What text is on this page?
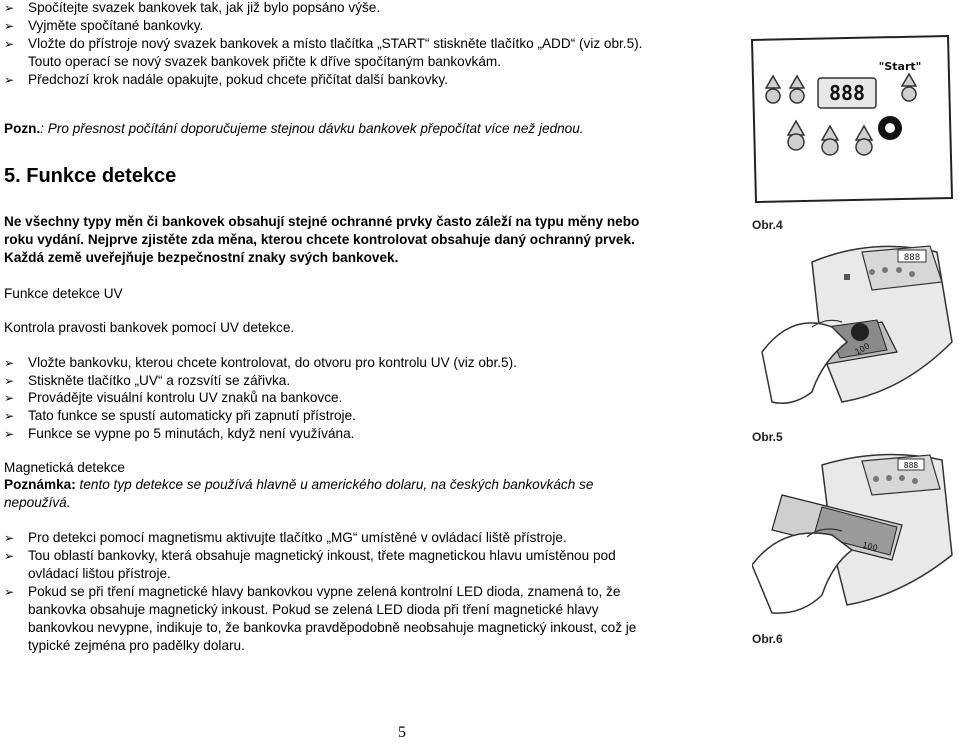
➢ Spočítejte svazek bankovek tak, jak již bylo popsáno výše.
➢ Vyjměte spočítané bankovky.
➢ Vložte do přístroje nový svazek bankovek a místo tlačítka „START“ stiskněte tlačítko „ADD“ (viz obr.5).
Touto operací se nový svazek bankovek přičte k dříve spočítaným bankovkám.
➢ Předchozí krok nadále opakujte, pokud chcete přičítat další bankovky.
Pozn.: Pro přesnost počítání doporučujeme stejnou dávku bankovek přepočítat více než jednou.
5. Funkce detekce
Ne všechny typy měn či bankovek obsahují stejné ochranné prvky často záleží na typu měny nebo
roku vydání. Nejprve zjistěte zda měna, kterou chcete kontrolovat obsahuje daný ochranný prvek.
Každá země uveřejňuje bezpečnostní znaky svých bankovek.
Funkce detekce UV
Kontrola pravosti bankovek pomocí UV detekce.
➢ Vložte bankovku, kterou chcete kontrolovat, do otvoru pro kontrolu UV (viz obr.5).
➢ Stiskněte tlačítko „UV“ a rozsvítí se zářivka.
➢ Provádějte visuální kontrolu UV znaků na bankovce.
➢ Tato funkce se spustí automaticky při zapnutí přístroje.
➢ Funkce se vypne po 5 minutách, když není využívána.
Magnetická detekce
Poznámka: tento typ detekce se používá hlavně u amerického dolaru, na českých bankovkách se
nepoužívá.
➢ Pro detekci pomocí magnetismu aktivujte tlačítko „MG“ umístěné v ovládací liště přístroje.
➢ Tou oblastí bankovky, která obsahuje magnetický inkoust, třete magnetickou hlavu umístěnou pod
ovládací lištou přístroje.
➢ Pokud se při tření magnetické hlavy bankovkou vypne zelená kontrolní LED dioda, znamená to, že
bankovka obsahuje magnetický inkoust. Pokud se zelená LED dioda při tření magnetické hlavy
bankovkou nevypne, indikuje to, že bankovka pravděpodobně neobsahuje magnetický inkoust, což je
typické zejména pro padělky dolaru.
888
"Start"
Obr.4
888
100
Obr.5
888
100
Obr.6
5
